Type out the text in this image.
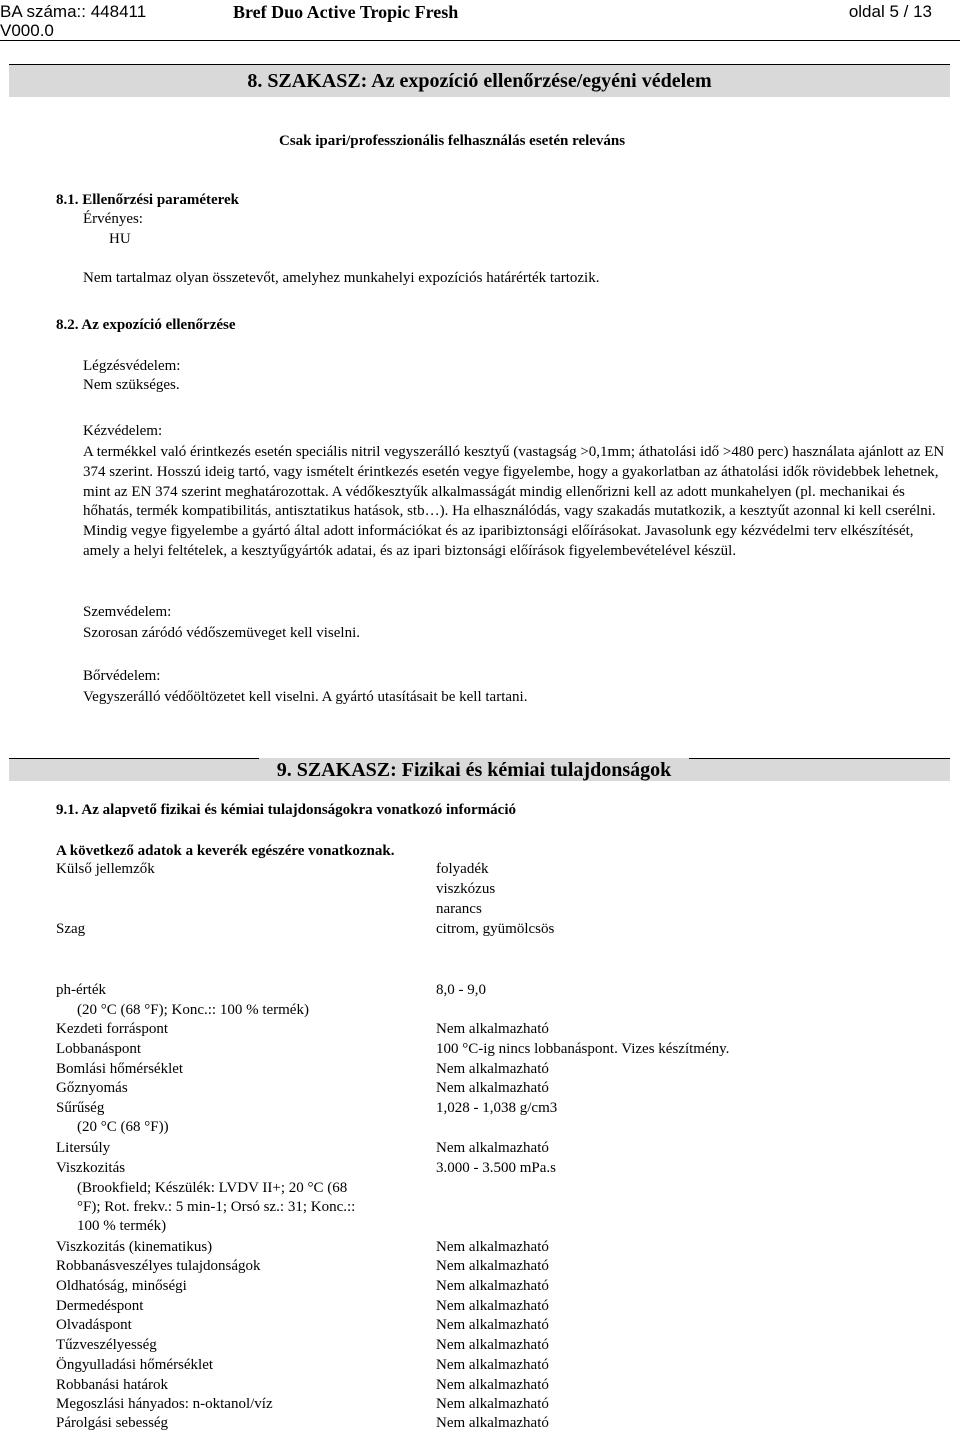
BA száma:: 448411
V000.0
Bref Duo Active Tropic Fresh	oldal 5 / 13
8. SZAKASZ: Az expozíció ellenőrzése/egyéni védelem
Csak ipari/professzionális felhasználás esetén releváns
8.1. Ellenőrzési paraméterek
Érvényes:
HU
Nem tartalmaz olyan összetevőt, amelyhez munkahelyi expozíciós határérték tartozik.
8.2. Az expozíció ellenőrzése
Légzésvédelem:
Nem szükséges.
Kézvédelem:
A termékkel való érintkezés esetén speciális nitril vegyszerálló kesztyű (vastagság >0,1mm; áthatolási idő >480 perc) használata ajánlott az EN 374 szerint. Hosszú ideig tartó, vagy ismételt érintkezés esetén vegye figyelembe, hogy a gyakorlatban az áthatolási idők rövidebbek lehetnek, mint az EN 374 szerint meghatározottak. A védőkesztyűk alkalmasságát mindig ellenőrizni kell az adott munkahelyen (pl. mechanikai és hőhatás, termék kompatibilitás, antisztatikus hatások, stb…). Ha elhasználódás, vagy szakadás mutatkozik, a kesztyűt azonnal ki kell cserélni. Mindig vegye figyelembe a gyártó által adott információkat és az iparibiztonsági előírásokat. Javasolunk egy kézvédelmi terv elkészítését, amely a helyi feltételek, a kesztyűgyártók adatai, és az ipari biztonsági előírások figyelembevételével készül.
Szemvédelem:
Szorosan záródó védőszemüveget kell viselni.
Bőrvédelem:
Vegyszerálló védőöltözetet kell viselni. A gyártó utasításait be kell tartani.
9. SZAKASZ: Fizikai és kémiai tulajdonságok
9.1. Az alapvető fizikai és kémiai tulajdonságokra vonatkozó információ
A következő adatok a keverék egészére vonatkoznak.
Külső jellemzők	folyadék
viszkózus
narancs
Szag	citrom, gyümölcsös
ph-érték	8,0 - 9,0
(20 °C (68 °F); Konc.:: 100 % termék)
Kezdeti forráspont	Nem alkalmazható
Lobbanáspont	100 °C-ig nincs lobbanáspont. Vizes készítmény.
Bomlási hőmérséklet	Nem alkalmazható
Gőznyomás	Nem alkalmazható
Sűrűség	1,028 - 1,038 g/cm3
(20 °C (68 °F))
Litersúly	Nem alkalmazható
Viszkozitás	3.000 - 3.500 mPa.s
(Brookfield; Készülék: LVDV II+; 20 °C (68
°F); Rot. frekv.: 5 min-1; Orsó sz.: 31; Konc.::
100 % termék)
Viszkozitás (kinematikus)	Nem alkalmazható
Robbanásveszélyes tulajdonságok	Nem alkalmazható
Oldhatóság, minőségi	Nem alkalmazható
Dermedéspont	Nem alkalmazható
Olvadáspont	Nem alkalmazható
Tűzveszélyesség	Nem alkalmazható
Öngyulladási hőmérséklet	Nem alkalmazható
Robbanási határok	Nem alkalmazható
Megoszlási hányados: n-oktanol/víz	Nem alkalmazható
Párolgási sebesség	Nem alkalmazható
